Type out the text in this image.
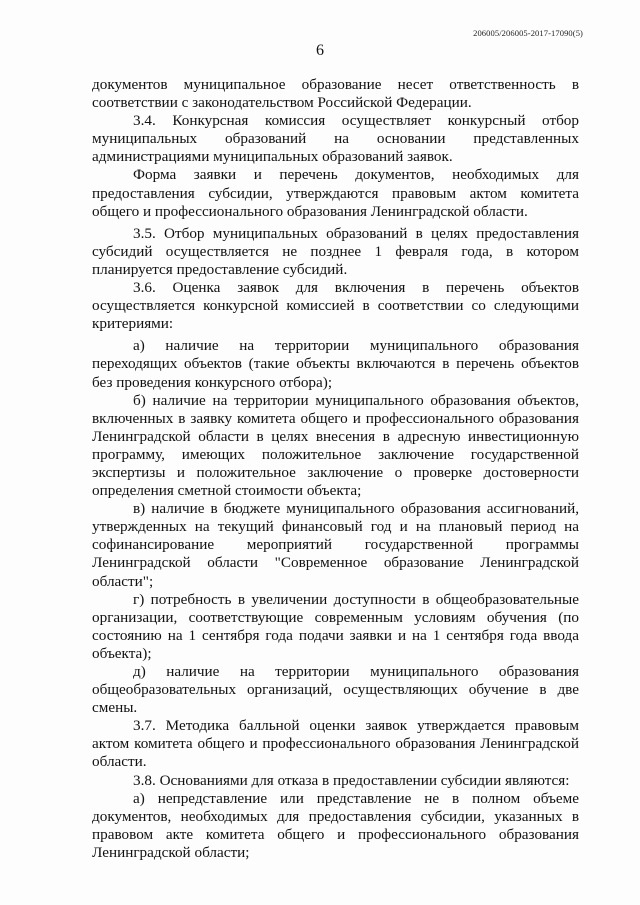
206005/206005-2017-17090(5)
6

документов муниципальное образование несет ответственность в соответствии с законодательством Российской Федерации.

3.4. Конкурсная комиссия осуществляет конкурсный отбор муниципальных образований на основании представленных администрациями муниципальных образований заявок.

Форма заявки и перечень документов, необходимых для предоставления субсидии, утверждаются правовым актом комитета общего и профессионального образования Ленинградской области.

3.5. Отбор муниципальных образований в целях предоставления субсидий осуществляется не позднее 1 февраля года, в котором планируется предоставление субсидий.

3.6. Оценка заявок для включения в перечень объектов осуществляется конкурсной комиссией в соответствии со следующими критериями:

а) наличие на территории муниципального образования переходящих объектов (такие объекты включаются в перечень объектов без проведения конкурсного отбора);

б) наличие на территории муниципального образования объектов, включенных в заявку комитета общего и профессионального образования Ленинградской области в целях внесения в адресную инвестиционную программу, имеющих положительное заключение государственной экспертизы и положительное заключение о проверке достоверности определения сметной стоимости объекта;

в) наличие в бюджете муниципального образования ассигнований, утвержденных на текущий финансовый год и на плановый период на софинансирование мероприятий государственной программы Ленинградской области "Современное образование Ленинградской области";

г) потребность в увеличении доступности в общеобразовательные организации, соответствующие современным условиям обучения (по состоянию на 1 сентября года подачи заявки и на 1 сентября года ввода объекта);

д) наличие на территории муниципального образования общеобразовательных организаций, осуществляющих обучение в две смены.

3.7. Методика балльной оценки заявок утверждается правовым актом комитета общего и профессионального образования Ленинградской области.

3.8. Основаниями для отказа в предоставлении субсидии являются:

а) непредставление или представление не в полном объеме документов, необходимых для предоставления субсидии, указанных в правовом акте комитета общего и профессионального образования Ленинградской области;
